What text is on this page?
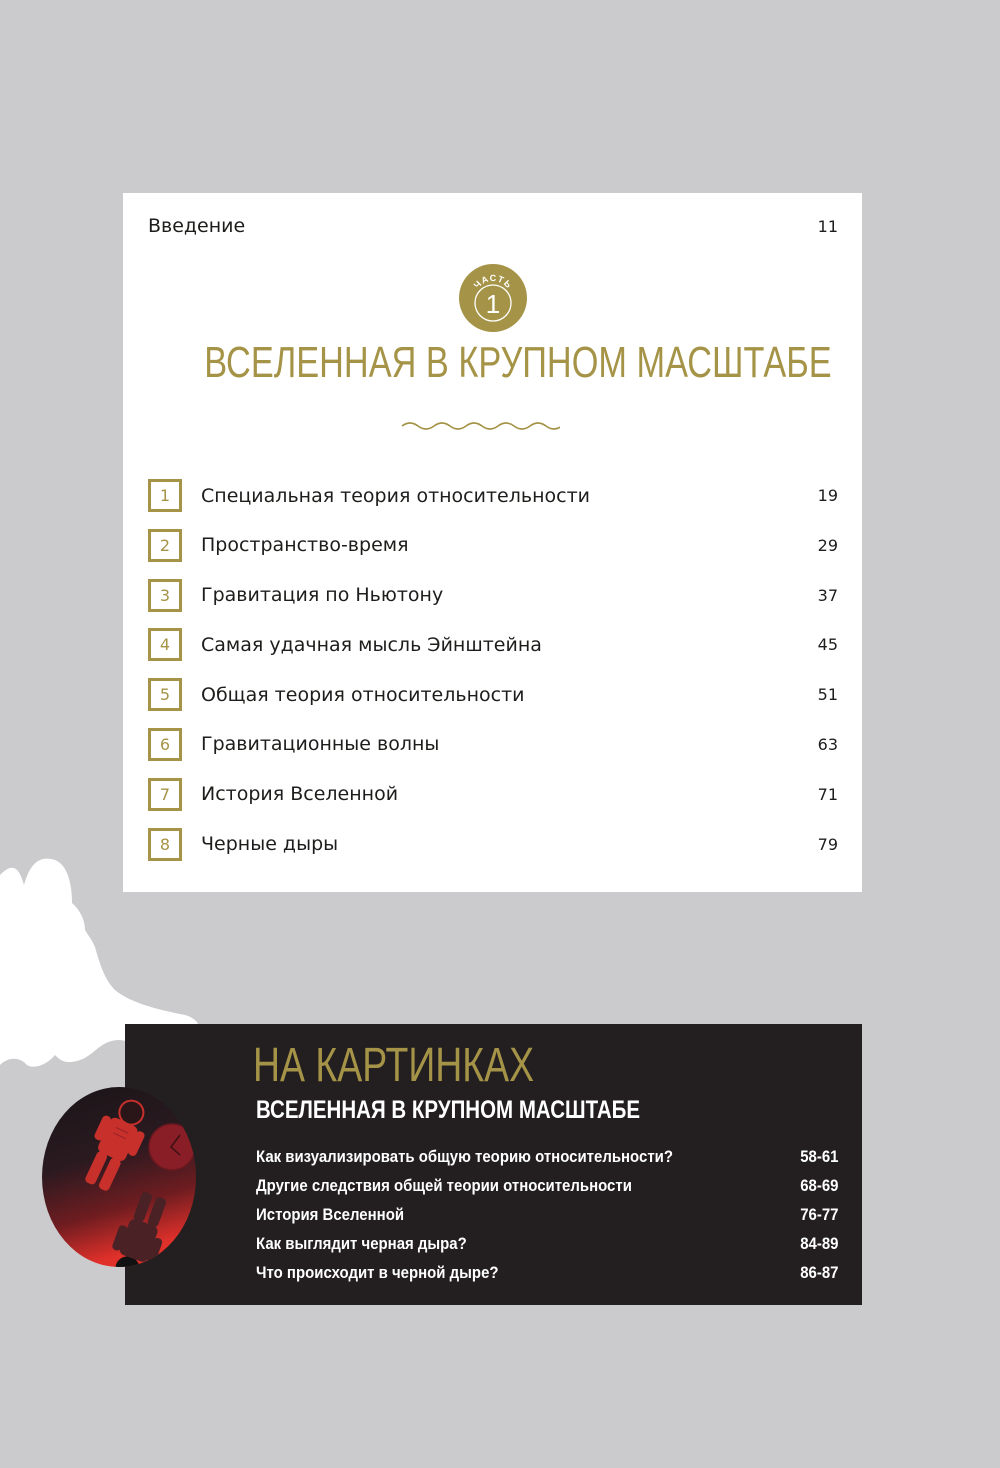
Введение	11
ЧАСТЬ
1
ВСЕЛЕННАЯ В КРУПНОМ МАСШТАБЕ
1	Специальная теория относительности	19
2	Пространство-время	29
3	Гравитация по Ньютону	37
4	Самая удачная мысль Эйнштейна	45
5	Общая теория относительности	51
6	Гравитационные волны	63
7	История Вселенной	71
8	Черные дыры	79
НА КАРТИНКАХ
ВСЕЛЕННАЯ В КРУПНОМ МАСШТАБЕ
Как визуализировать общую теорию относительности?	58-61
Другие следствия общей теории относительности	68-69
История Вселенной	76-77
Как выглядит черная дыра?	84-89
Что происходит в черной дыре?	86-87
